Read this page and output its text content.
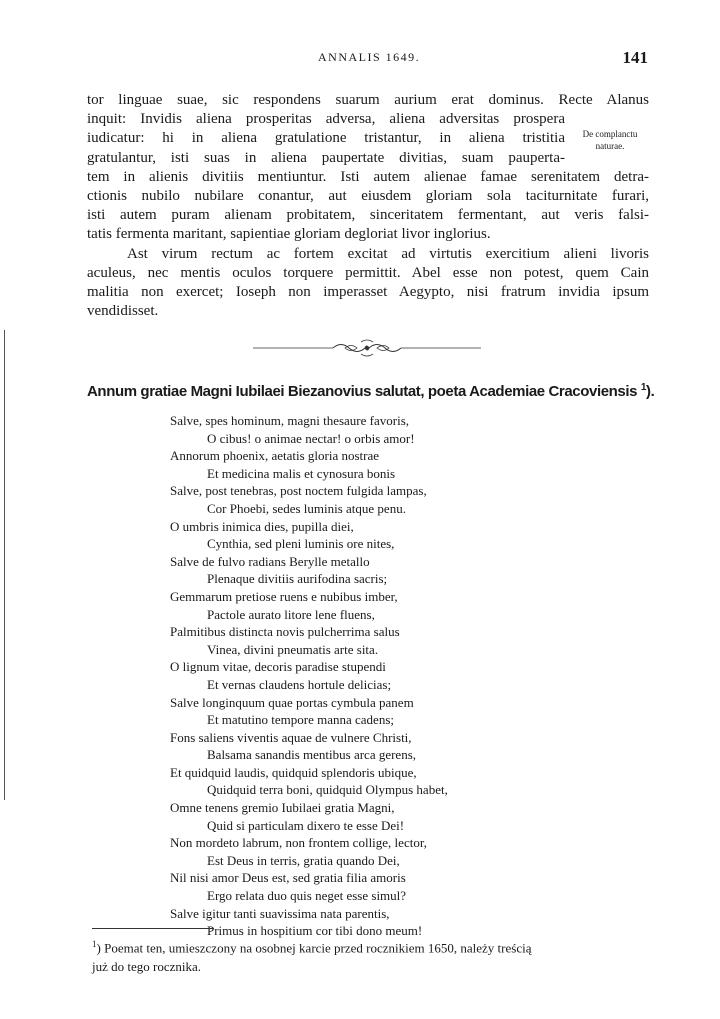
ANNALIS 1649.	141
tor linguae suae, sic respondens suarum aurium erat dominus. Recte Alanus
inquit: Invidis aliena prosperitas adversa, aliena adversitas prospera
iudicatur: hi in aliena gratulatione tristantur, in aliena tristitia
gratulantur, isti suas in aliena paupertate divitias, suam pauperta-
tem in alienis divitiis mentiuntur. Isti autem alienae famae serenitatem detra-
ctionis nubilo nubilare conantur, aut eiusdem gloriam sola taciturnitate furari,
isti autem puram alienam probitatem, sinceritatem fermentant, aut veris falsi-
tatis fermenta maritant, sapientiae gloriam degloriat livor inglorius.
Ast virum rectum ac fortem excitat ad virtutis exercitium alieni livoris
aculeus, nec mentis oculos torquere permittit. Abel esse non potest, quem Cain
malitia non exercet; Ioseph non imperasset Aegypto, nisi fratrum invidia ipsum
vendidisset.
De complanctu naturae.
Annum gratiae Magni Iubilaei Biezanovius salutat, poeta Academiae Cracoviensis $^1$).
Salve, spes hominum, magni thesaure favoris,
O cibus! o animae nectar! o orbis amor!
Annorum phoenix, aetatis gloria nostrae
Et medicina malis et cynosura bonis
Salve, post tenebras, post noctem fulgida lampas,
Cor Phoebi, sedes luminis atque penu.
O umbris inimica dies, pupilla diei,
Cynthia, sed pleni luminis ore nites,
Salve de fulvo radians Berylle metallo
Plenaque divitiis aurifodina sacris;
Gemmarum pretiose ruens e nubibus imber,
Pactole aurato litore lene fluens,
Palmitibus distincta novis pulcherrima salus
Vinea, divini pneumatis arte sita.
O lignum vitae, decoris paradise stupendi
Et vernas claudens hortule delicias;
Salve longinquum quae portas cymbula panem
Et matutino tempore manna cadens;
Fons saliens viventis aquae de vulnere Christi,
Balsama sanandis mentibus arca gerens,
Et quidquid laudis, quidquid splendoris ubique,
Quidquid terra boni, quidquid Olympus habet,
Omne tenens gremio Iubilaei gratia Magni,
Quid si particulam dixero te esse Dei!
Non mordeto labrum, non frontem collige, lector,
Est Deus in terris, gratia quando Dei,
Nil nisi amor Deus est, sed gratia filia amoris
Ergo relata duo quis neget esse simul?
Salve igitur tanti suavissima nata parentis,
Primus in hospitium cor tibi dono meum!
$^1$) Poemat ten, umieszczony na osobnej karcie przed rocznikiem 1650, należy treścią
już do tego rocznika.
